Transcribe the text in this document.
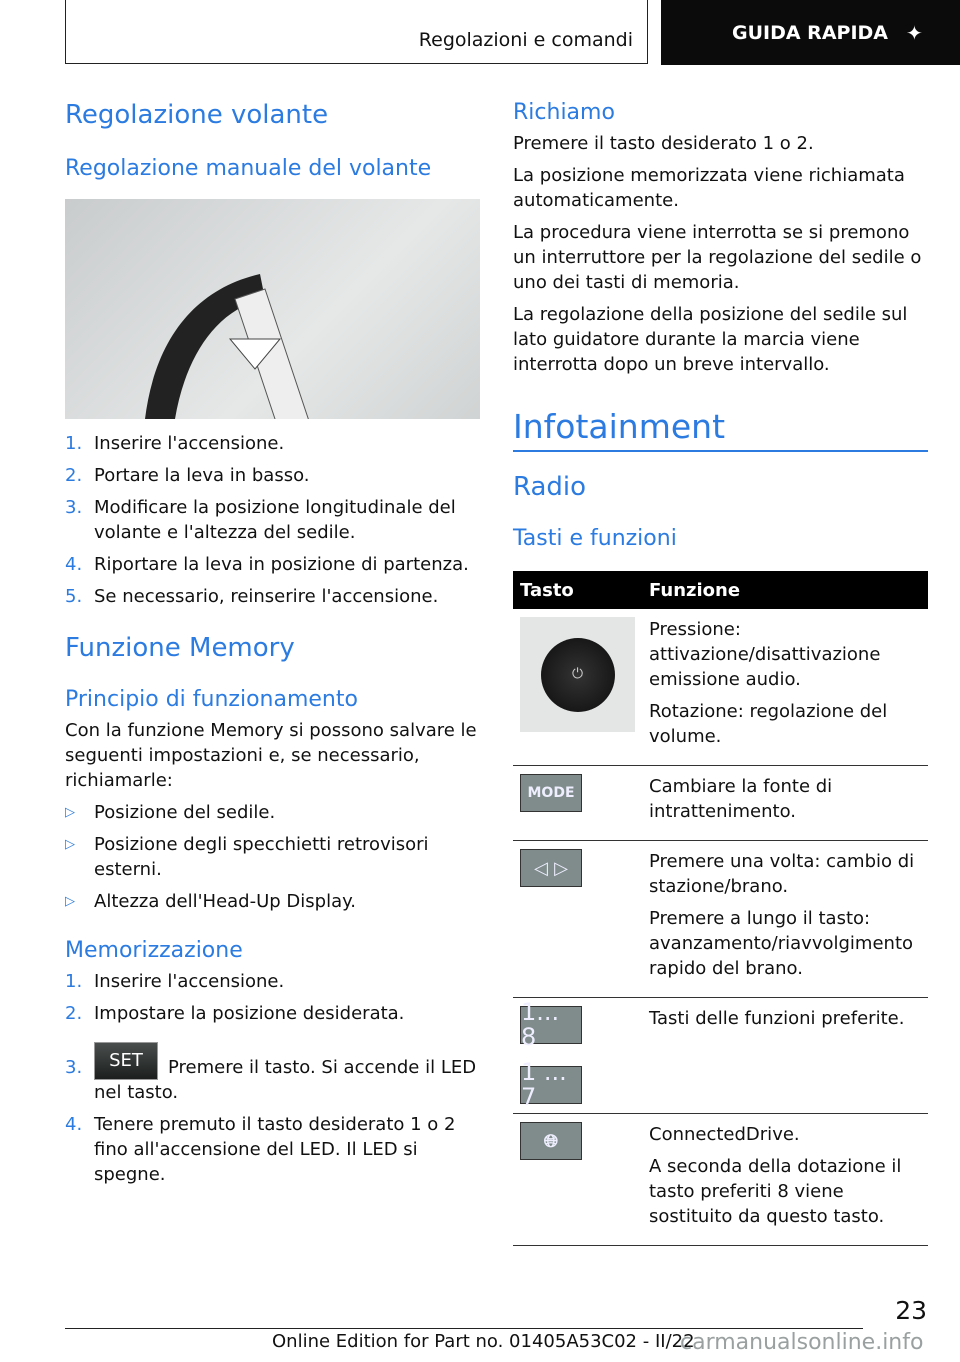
Regolazioni e comandi	GUIDA RAPIDA ✦
Regolazione volante
Regolazione manuale del volante
1. Inserire l'accensione.
2. Portare la leva in basso.
3. Modificare la posizione longitudinale del volante e l'altezza del sedile.
4. Riportare la leva in posizione di partenza.
5. Se necessario, reinserire l'accensione.
Funzione Memory
Principio di funzionamento
Con la funzione Memory si possono salvare le seguenti impostazioni e, se necessario, richiamarle:
▷ Posizione del sedile.
▷ Posizione degli specchietti retrovisori esterni.
▷ Altezza dell'Head-Up Display.
Memorizzazione
1. Inserire l'accensione.
2. Impostare la posizione desiderata.
3. SET Premere il tasto. Si accende il LED nel tasto.
4. Tenere premuto il tasto desiderato 1 o 2 fino all'accensione del LED. Il LED si spegne.
Richiamo
Premere il tasto desiderato 1 o 2.
La posizione memorizzata viene richiamata automaticamente.
La procedura viene interrotta se si premono un interruttore per la regolazione del sedile o uno dei tasti di memoria.
La regolazione della posizione del sedile sul lato guidatore durante la marcia viene interrotta dopo un breve intervallo.
Infotainment
Radio
Tasti e funzioni
Tasto	Funzione

⏻	Pressione: attivazione/disattivazione emissione audio.

Rotazione: regolazione del volume.

MODE	Cambiare la fonte di intrattenimento.

◁ ▷	Premere una volta: cambio di stazione/brano.

Premere a lungo il tasto: avanzamento/riavvolgimento rapido del brano.

1... 8
1 ... 7	Tasti delle funzioni preferite.

🌐︎	ConnectedDrive.

A seconda della dotazione il tasto preferiti 8 viene sostituito da questo tasto.

23
Online Edition for Part no. 01405A53C02 - II/22
carmanualsonline.info
